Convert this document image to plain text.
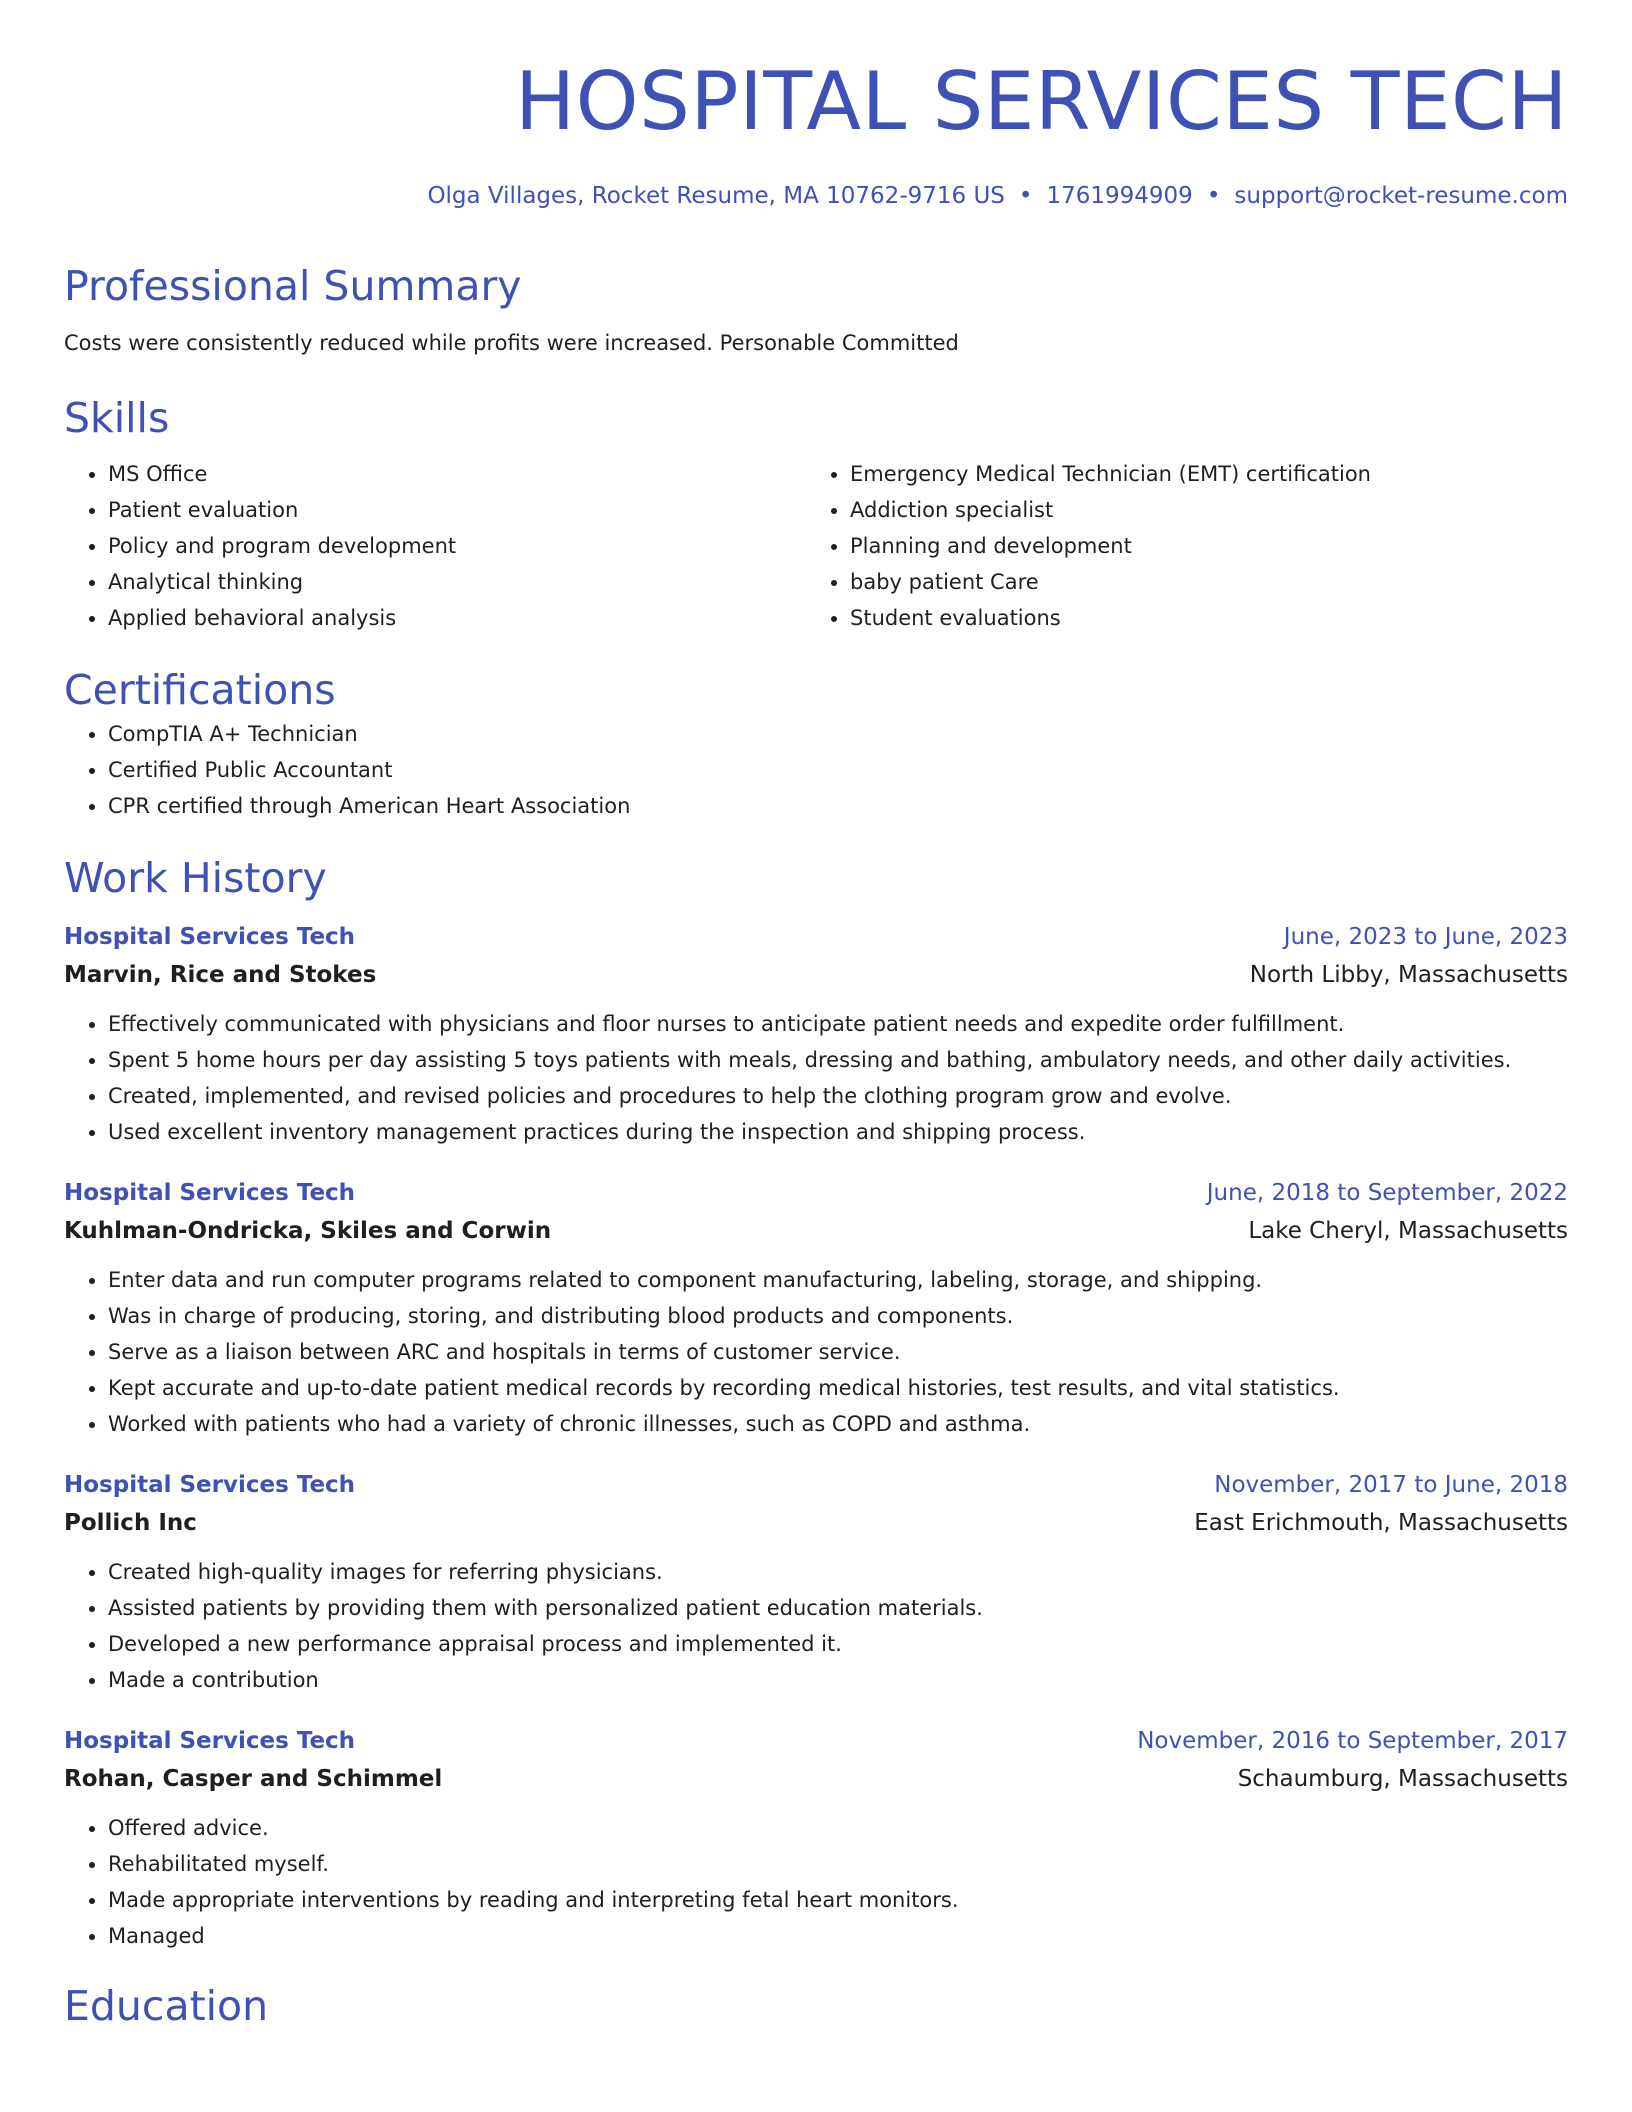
HOSPITAL SERVICES TECH
Olga Villages, Rocket Resume, MA 10762-9716 US • 1761994909 • support@rocket-resume.com
Professional Summary
Costs were consistently reduced while profits were increased. Personable Committed
Skills
• MS Office
• Patient evaluation
• Policy and program development
• Analytical thinking
• Applied behavioral analysis
• Emergency Medical Technician (EMT) certification
• Addiction specialist
• Planning and development
• baby patient Care
• Student evaluations
Certifications
• CompTIA A+ Technician
• Certified Public Accountant
• CPR certified through American Heart Association
Work History
Hospital Services Tech	June, 2023 to June, 2023
Marvin, Rice and Stokes	North Libby, Massachusetts
• Effectively communicated with physicians and floor nurses to anticipate patient needs and expedite order fulfillment.
• Spent 5 home hours per day assisting 5 toys patients with meals, dressing and bathing, ambulatory needs, and other daily activities.
• Created, implemented, and revised policies and procedures to help the clothing program grow and evolve.
• Used excellent inventory management practices during the inspection and shipping process.
Hospital Services Tech	June, 2018 to September, 2022
Kuhlman-Ondricka, Skiles and Corwin	Lake Cheryl, Massachusetts
• Enter data and run computer programs related to component manufacturing, labeling, storage, and shipping.
• Was in charge of producing, storing, and distributing blood products and components.
• Serve as a liaison between ARC and hospitals in terms of customer service.
• Kept accurate and up-to-date patient medical records by recording medical histories, test results, and vital statistics.
• Worked with patients who had a variety of chronic illnesses, such as COPD and asthma.
Hospital Services Tech	November, 2017 to June, 2018
Pollich Inc	East Erichmouth, Massachusetts
• Created high-quality images for referring physicians.
• Assisted patients by providing them with personalized patient education materials.
• Developed a new performance appraisal process and implemented it.
• Made a contribution
Hospital Services Tech	November, 2016 to September, 2017
Rohan, Casper and Schimmel	Schaumburg, Massachusetts
• Offered advice.
• Rehabilitated myself.
• Made appropriate interventions by reading and interpreting fetal heart monitors.
• Managed
Education
